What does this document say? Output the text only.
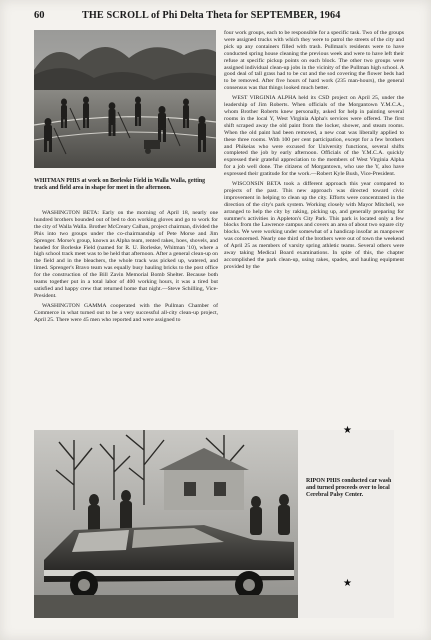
60	THE SCROLL of Phi Delta Theta for SEPTEMBER, 1964

WHITMAN PHIS at work on Borleske Field in Walla Walla, getting track and field area in shape for meet in the afternoon.

WASHINGTON BETA: Early on the morning of April 18, nearly one hundred brothers bounded out of bed to don working gloves and go to work for the city of Walla Walla. Brother McCreary Calhan, project chairman, divided the Phis into two groups under the co-chairmanship of Pete Morse and Jim Sprenger. Morse's group, known as Alpha team, rented rakes, hoes, shovels, and headed for Borleske Field (named for R. U. Borleske, Whitman '10), where a high school track meet was to be held that afternoon. After a general clean-up on the field and in the bleachers, the whole track was picked up, watered, and limed. Sprenger's Bravo team was equally busy hauling bricks to the post office for the construction of the Bill Zavin Memorial Bomb Shelter. Because both teams together put in a total labor of 400 working hours, it was a tired but satisfied and happy crew that returned home that night.—Steve Schilling, Vice-President.

WASHINGTON GAMMA cooperated with the Pullman Chamber of Commerce in what turned out to be a very successful all-city clean-up project, April 25. There were 45 men who reported and were assigned to

★
★

RIPON PHIS conducted car wash and turned proceeds over to local Cerebral Palsy Center.

four work groups, each to be responsible for a specific task. Two of the groups were assigned trucks with which they were to patrol the streets of the city and pick up any containers filled with trash. Pullman's residents were to have conducted spring house cleaning the previous week and were to have left their refuse at specific pickup points on each block. The other two groups were assigned individual clean-up jobs in the vicinity of the Pullman high school. A good deal of tall grass had to be cut and the sod covering the flower beds had to be removed. After five hours of hard work (235 man-hours), the general consensus was that things looked much better.

WEST VIRGINIA ALPHA held its CSD project on April 25, under the leadership of Jim Roberts. When officials of the Morgantown Y.M.C.A., whom Brother Roberts knew personally, asked for help in painting several rooms in the local Y, West Virginia Alpha's services were offered. The first shift scraped away the old paint from the locker, shower, and steam rooms. When the old paint had been removed, a new coat was liberally applied to these three rooms. With 100 per cent participation, except for a few brothers and Phikeias who were excused for University functions, several shifts completed the job by early afternoon. Officials of the Y.M.C.A. quickly expressed their grateful appreciation to the members of West Virginia Alpha for a job well done. The citizens of Morgantown, who use the Y, also have expressed their gratitude for the work.—Robert Kyle Bush, Vice-President.

WISCONSIN BETA took a different approach this year compared to projects of the past. This new approach was directed toward civic improvement in helping to clean up the city. Efforts were concentrated in the direction of the city's park system. Working closely with Mayor Mitchell, we arranged to help the city by raking, picking up, and generally preparing for summer's activities in Appleton's City Park. This park is located only a few blocks from the Lawrence campus and covers an area of about two square city blocks. We were working under somewhat of a handicap insofar as manpower was concerned. Nearly one third of the brothers were out of town the weekend of April 25 as members of varsity spring athletic teams. Several others were away taking Medical Board examinations. In spite of this, the chapter accomplished the park clean-up, using rakes, spades, and hauling equipment provided by the
